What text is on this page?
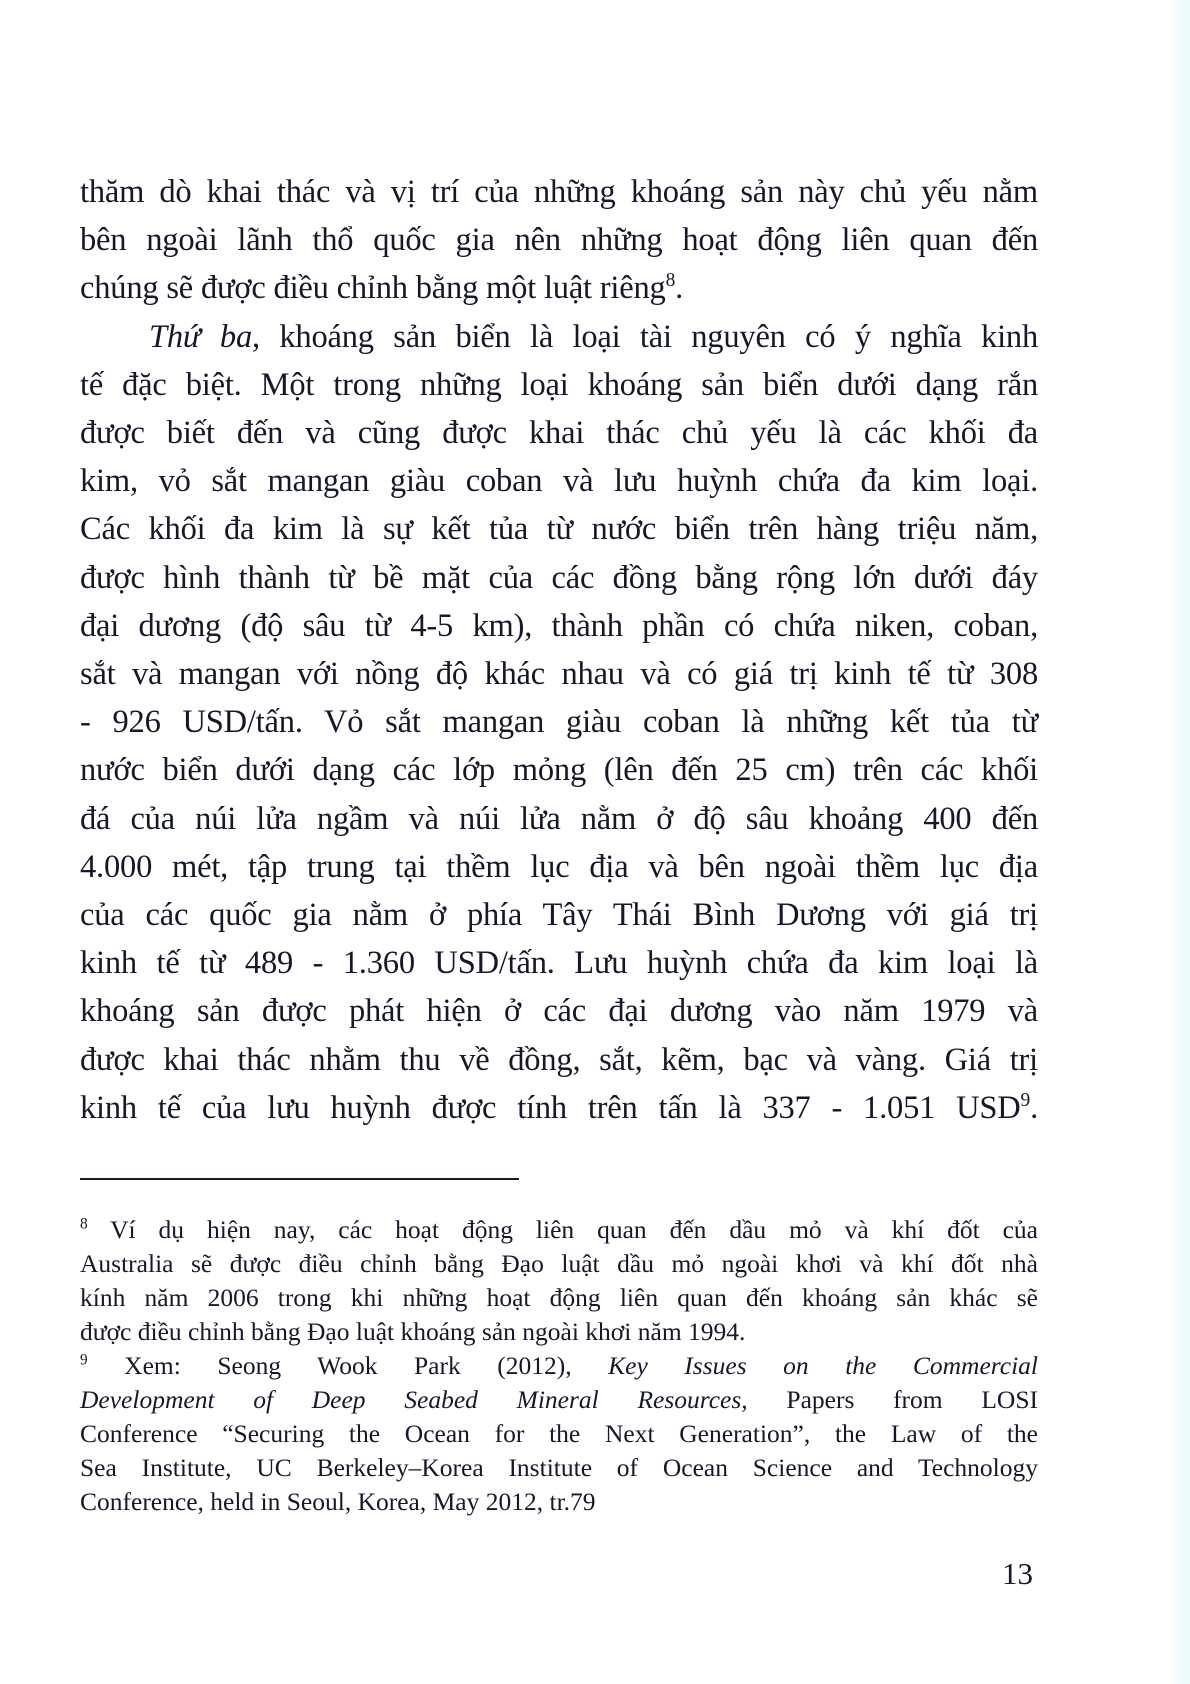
thăm dò khai thác và vị trí của những khoáng sản này chủ yếu nằm
bên ngoài lãnh thổ quốc gia nên những hoạt động liên quan đến
chúng sẽ được điều chỉnh bằng một luật riêng$^8$.

Thứ ba, khoáng sản biển là loại tài nguyên có ý nghĩa kinh
tế đặc biệt. Một trong những loại khoáng sản biển dưới dạng rắn
được biết đến và cũng được khai thác chủ yếu là các khối đa
kim, vỏ sắt mangan giàu coban và lưu huỳnh chứa đa kim loại.
Các khối đa kim là sự kết tủa từ nước biển trên hàng triệu năm,
được hình thành từ bề mặt của các đồng bằng rộng lớn dưới đáy
đại dương (độ sâu từ 4-5 km), thành phần có chứa niken, coban,
sắt và mangan với nồng độ khác nhau và có giá trị kinh tế từ 308
- 926 USD/tấn. Vỏ sắt mangan giàu coban là những kết tủa từ
nước biển dưới dạng các lớp mỏng (lên đến 25 cm) trên các khối
đá của núi lửa ngầm và núi lửa nằm ở độ sâu khoảng 400 đến
4.000 mét, tập trung tại thềm lục địa và bên ngoài thềm lục địa
của các quốc gia nằm ở phía Tây Thái Bình Dương với giá trị
kinh tế từ 489 - 1.360 USD/tấn. Lưu huỳnh chứa đa kim loại là
khoáng sản được phát hiện ở các đại dương vào năm 1979 và
được khai thác nhằm thu về đồng, sắt, kẽm, bạc và vàng. Giá trị
kinh tế của lưu huỳnh được tính trên tấn là 337 - 1.051 USD$^9$.

$^8$ Ví dụ hiện nay, các hoạt động liên quan đến dầu mỏ và khí đốt của
Australia sẽ được điều chỉnh bằng Đạo luật dầu mỏ ngoài khơi và khí đốt nhà
kính năm 2006 trong khi những hoạt động liên quan đến khoáng sản khác sẽ
được điều chỉnh bằng Đạo luật khoáng sản ngoài khơi năm 1994.
$^9$ Xem: Seong Wook Park (2012), Key Issues on the Commercial
Development of Deep Seabed Mineral Resources, Papers from LOSI
Conference “Securing the Ocean for the Next Generation”, the Law of the
Sea Institute, UC Berkeley–Korea Institute of Ocean Science and Technology
Conference, held in Seoul, Korea, May 2012, tr.79
13
